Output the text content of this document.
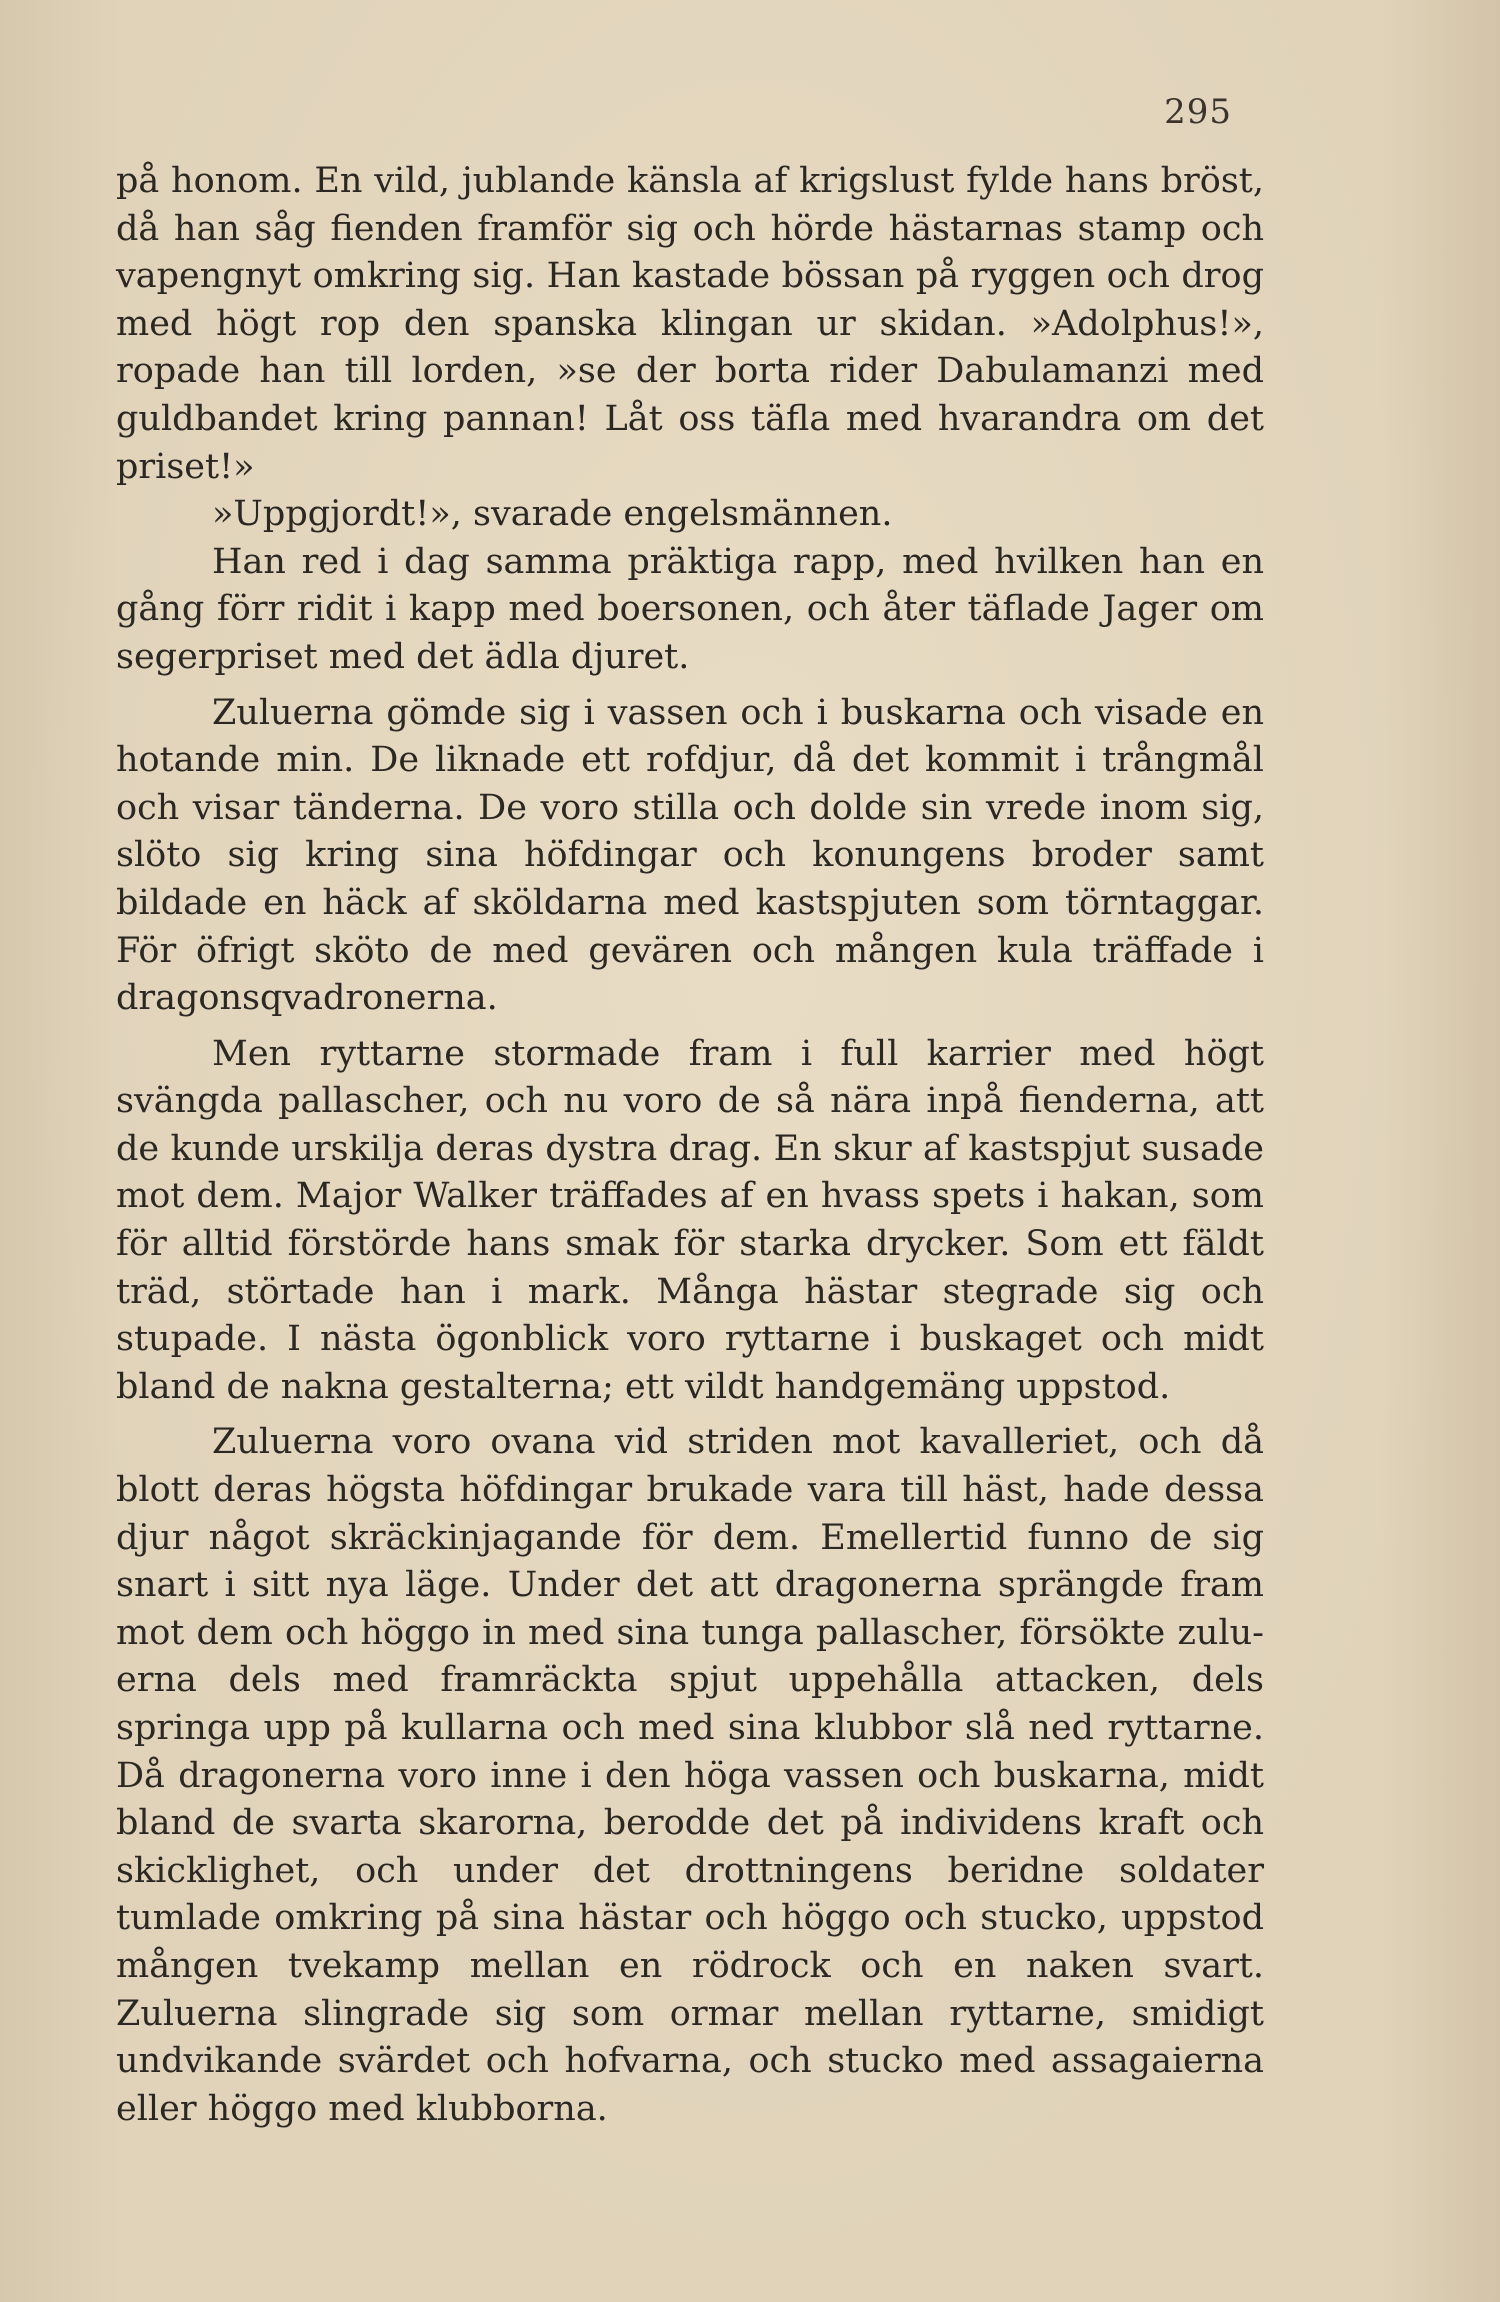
295

på honom. En vild, jublande känsla af krigslust fylde hans bröst, då han såg fienden framför sig och hörde hästarnas stamp och vapengnyt omkring sig. Han kastade bössan på ryggen och drog med högt rop den spanska klingan ur skidan. »Adolphus!», ropade han till lorden, »se der borta rider Dabulamanzi med guldbandet kring pannan! Låt oss täfla med hvarandra om det priset!»

»Uppgjordt!», svarade engelsmännen.

Han red i dag samma präktiga rapp, med hvilken han en gång förr ridit i kapp med boersonen, och åter täflade Jager om segerpriset med det ädla djuret.

Zuluerna gömde sig i vassen och i buskarna och visade en hotande min. De liknade ett rofdjur, då det kommit i trångmål och visar tänderna. De voro stilla och dolde sin vrede inom sig, slöto sig kring sina höfdingar och konungens broder samt bildade en häck af sköldarna med kastspjuten som törntaggar. För öfrigt sköto de med gevären och mången kula träffade i dragonsqvadronerna.

Men ryttarne stormade fram i full karrier med högt svängda pallascher, och nu voro de så nära inpå fienderna, att de kunde urskilja deras dystra drag. En skur af kastspjut susade mot dem. Major Walker träffades af en hvass spets i hakan, som för alltid förstörde hans smak för starka drycker. Som ett fäldt träd, störtade han i mark. Många hästar stegrade sig och stupade. I nästa ögonblick voro ryttarne i buskaget och midt bland de nakna gestalterna; ett vildt handgemäng uppstod.

Zuluerna voro ovana vid striden mot kavalleriet, och då blott deras högsta höfdingar brukade vara till häst, hade dessa djur något skräckinjagande för dem. Emellertid funno de sig snart i sitt nya läge. Under det att dragonerna sprängde fram mot dem och höggo in med sina tunga pallascher, försökte zuluerna dels med framräckta spjut uppehålla attacken, dels springa upp på kullarna och med sina klubbor slå ned ryttarne. Då dragonerna voro inne i den höga vassen och buskarna, midt bland de svarta skarorna, berodde det på individens kraft och skicklighet, och under det drottningens beridne soldater tumlade omkring på sina hästar och höggo och stucko, uppstod mången tvekamp mellan en rödrock och en naken svart. Zuluerna slingrade sig som ormar mellan ryttarne, smidigt undvikande svärdet och hofvarna, och stucko med assagaierna eller höggo med klubborna.
